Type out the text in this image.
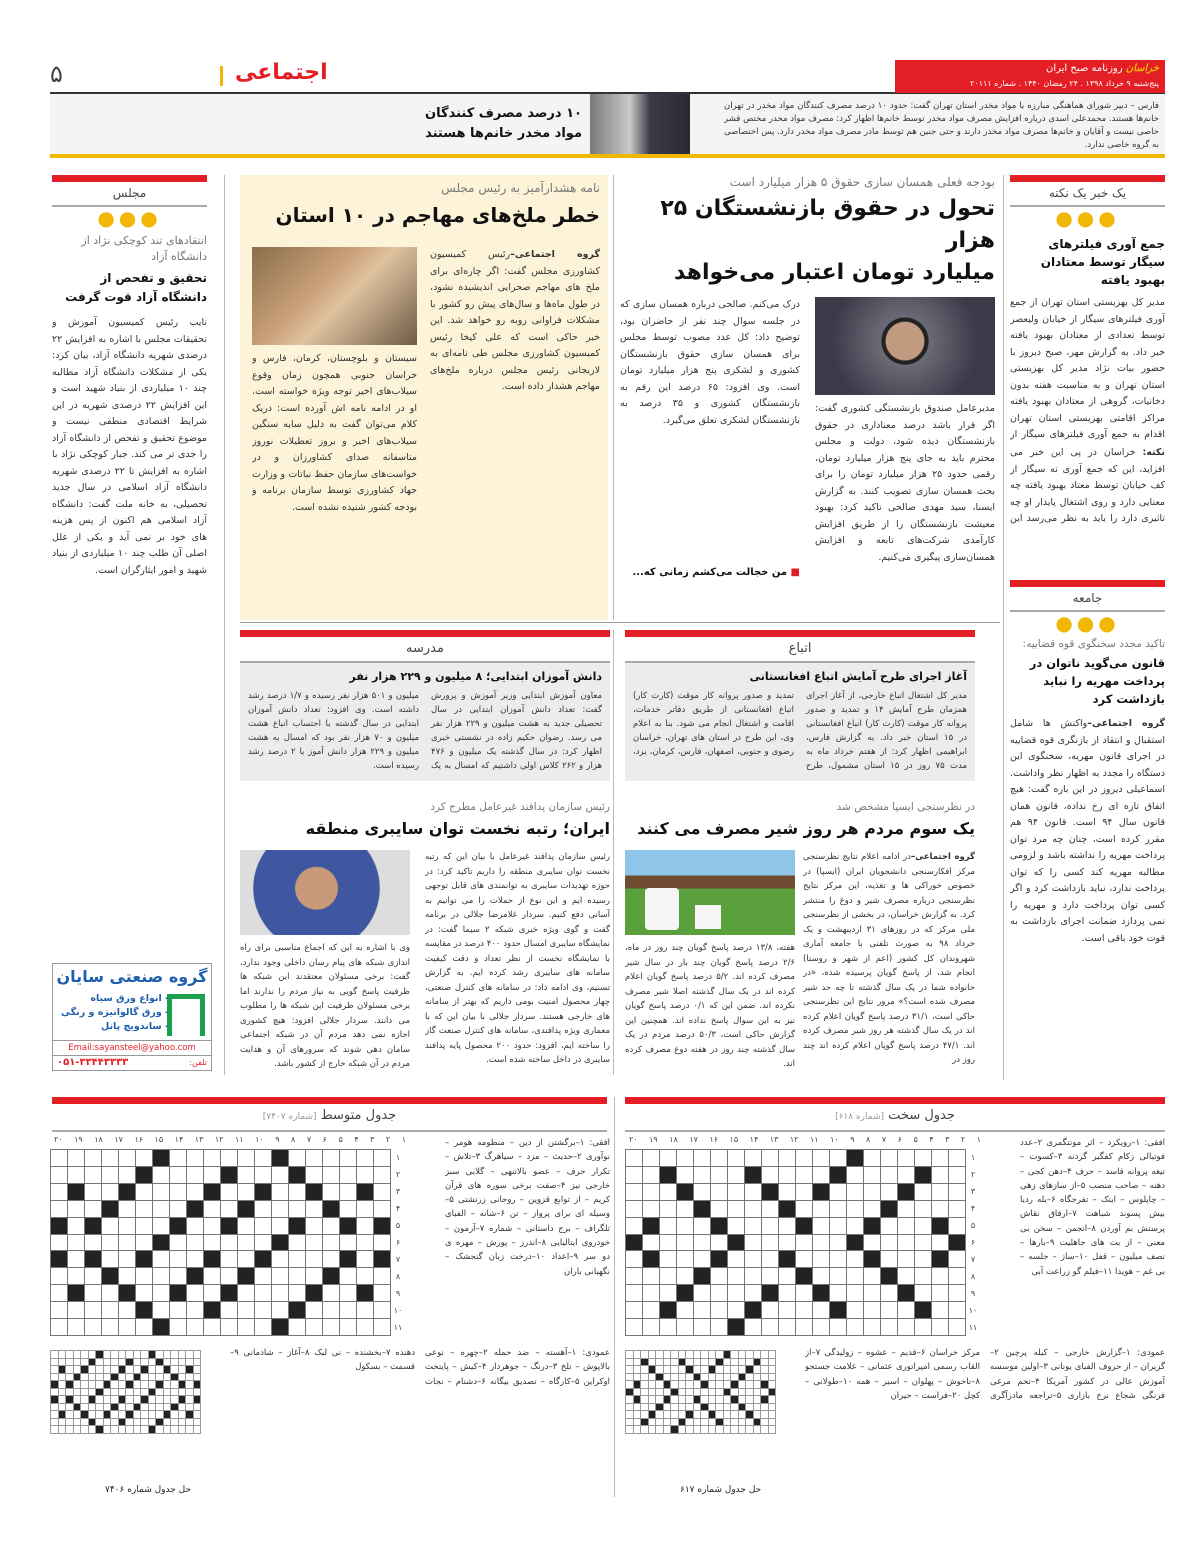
۵	اجتماعی	خراسان روزنامه صبح ایران
پنج‌شنبه ۹ خرداد ۱۳۹۸ . ۲۴ رمضان ۱۴۴۰ . شماره ۲۰۱۱۱
فارس – دبیر شورای هماهنگی مبارزه با مواد مخدر استان تهران گفت: حدود ۱۰ درصد مصرف کنندگان مواد مخدر در تهران خانم‌ها هستند. محمدعلی اسدی درباره افزایش مصرف مواد مخدر توسط خانم‌ها اظهار کرد: مصرف مواد مخدر مختص قشر خاصی نیست و آقایان و خانم‌ها مصرف مواد مخدر دارند و حتی جنین هم توسط مادر مصرف مواد مخدر دارد. پس اختصاصی به گروه خاصی ندارد.
۱۰ درصد مصرف کنندگان
مواد مخدر خانم‌ها هستند
یک خبر یک نکته
●●●
جمع آوری فیلترهای سیگار توسط معتادان بهبود یافته
مدیر کل بهزیستی استان تهران از جمع آوری فیلترهای سیگار از خیابان ولیعصر توسط تعدادی از معتادان بهبود یافته خبر داد. به گزارش مهر، صبح دیروز با حضور بیات نژاد مدیر کل بهزیستی استان تهران و به مناسبت هفته بدون دخانیات، گروهی از معتادان بهبود یافته مراکز اقامتی بهزیستی استان تهران اقدام به جمع آوری فیلترهای سیگار از
نکته: خراسان در پی این خبر می افزاید، این که جمع آوری ته سیگار از کف خیابان توسط معتاد بهبود یافته چه معنایی دارد و روی اشتغال پایدار او چه تاثیری دارد را باید به نظر می‌رسد این
جامعه
●●●
تاکید مجدد سخنگوی قوه قضاییه:
قانون می‌گوید ناتوان در پرداخت مهریه را نباید بازداشت کرد
گروه اجتماعی–واکنش ها شامل استقبال و انتقاد از بازنگری قوه قضاییه در اجرای قانون مهریه، سخنگوی این دستگاه را مجدد به اظهار نظر واداشت. اسماعیلی دیروز در این باره گفت: هیچ اتفاق تازه ای رخ نداده، قانون همان قانون سال ۹۴ است. قانون ۹۴ هم مقرر کرده است، چنان چه مرد توان پرداخت مهریه را نداشته باشد و لزومی مطالبه مهریه کند کسی را که توان پرداخت ندارد، نباید بازداشت کرد و اگر کسی توان پرداخت دارد و مهریه را نمی پردازد ضمانت اجرای بازداشت به قوت خود باقی است.
بودجه فعلی همسان سازی حقوق ۵ هزار میلیارد است
تحول در حقوق بازنشستگان ۲۵ هزار
میلیارد تومان اعتبار می‌خواهد
مدیرعامل صندوق بازنشستگی کشوری گفت: اگر قرار باشد درصد معناداری در حقوق بازنشستگان دیده شود، دولت و مجلس محترم باید به جای پنج هزار میلیارد تومان، رقمی حدود ۲۵ هزار میلیارد تومان را برای بحث همسان سازی تصویب کنند. به گزارش ایسنا، سید مهدی صالحی تاکید کرد: بهبود معیشت بازنشستگان را از طریق افزایش کارآمدی شرکت‌های تابعه و افزایش همسان‌سازی پیگیری می‌کنیم.
درک می‌کنم. صالحی درباره همسان سازی که در جلسه سوال چند نفر از حاضران بود، توضیح داد: کل عدد مصوب توسط مجلس برای همسان سازی حقوق بازنشستگان کشوری و لشکری پنج هزار میلیارد تومان است. وی افزود: ۶۵ درصد این رقم به بازنشستگان کشوری و ۳۵ درصد به بازنشستگان لشکری تعلق می‌گیرد.
■ من خجالت می‌کشم زمانی که...
نامه هشدارآمیز به رئیس مجلس
خطر ملخ‌های مهاجم در ۱۰ استان
گروه اجتماعی–رئیس کمیسیون کشاورزی مجلس گفت: اگر چاره‌ای برای ملخ های مهاجم صحرایی اندیشیده نشود، در طول ماه‌ها و سال‌های پیش رو کشور با مشکلات فراوانی روبه رو خواهد شد. این خبر حاکی است که علی کیخا رئیس کمیسیون کشاورزی مجلس طی نامه‌ای به لاریجانی رئیس مجلس درباره ملخ‌های مهاجم هشدار داده است.
سیستان و بلوچستان، کرمان، فارس و خراسان جنوبی همچون زمان وقوع سیلاب‌های اخیر توجه ویژه خواسته است. او در ادامه نامه اش آورده است: دریک کلام می‌توان گفت به دلیل سایه سنگین سیلاب‌های اخیر و بروز تعطیلات نوروز متاسفانه صدای کشاورزان و در خواست‌های سازمان حفظ نباتات و وزارت جهاد کشاورزی توسط سازمان برنامه و بودجه کشور شنیده نشده است.
مجلس
●●●
انتقادهای تند کوچکی نژاد از دانشگاه آزاد
تحقیق و تفحص از دانشگاه آزاد قوت گرفت
نایب رئیس کمیسیون آموزش و تحقیقات مجلس با اشاره به افزایش ۲۲ درصدی شهریه دانشگاه آزاد، بیان کرد: یکی از مشکلات دانشگاه آزاد مطالبه چند ۱۰ میلیاردی از بنیاد شهید است و این افزایش ۲۲ درصدی شهریه در این شرایط اقتصادی منطقی نیست و موضوع تحقیق و تفحص از دانشگاه آزاد را جدی تر می کند. جبار کوچکی نژاد با اشاره به افزایش تا ۲۲ درصدی شهریه دانشگاه آزاد اسلامی در سال جدید تحصیلی، به خانه ملت گفت: دانشگاه آزاد اسلامی هم اکنون از پس هزینه های خود بر نمی آید و یکی از علل اصلی آن طلب چند ۱۰ میلیاردی از بنیاد شهید و امور ایثارگران است.
گروه صنعتی سایان
- انواع ورق سیاه
- ورق گالوانیزه و رنگی
- ساندویچ پانل
Email:sayansteel@yahoo.com
تلفن:
۰۵۱-۳۳۴۴۳۳۳۳
اتباع
آغاز اجرای طرح آمایش اتباع افغانستانی
مدیر کل اشتغال اتباع خارجی، از آغاز اجرای همزمان طرح آمایش ۱۴ و تمدید و صدور پروانه کار موقت (کارت کار) اتباع افغانستانی در ۱۵ استان خبر داد. به گزارش فارس، ابراهیمی اظهار کرد: از هفتم خرداد ماه به مدت ۷۵ روز در ۱۵ استان مشمول، طرح تمدید و صدور پروانه کار موقت (کارت کار) اتباع افغانستانی از طریق دفاتر خدمات، اقامت و اشتغال انجام می شود. بنا به اعلام وی، این طرح در استان های تهران، خراسان رضوی و جنوبی، اصفهان، فارس، کرمان، یزد،
مدرسه
دانش آموزان ابتدایی؛ ۸ میلیون و ۲۲۹ هزار نفر
معاون آموزش ابتدایی وزیر آموزش و پرورش گفت: تعداد دانش آموزان ابتدایی در سال تحصیلی جدید به هشت میلیون و ۲۲۹ هزار نفر می رسد. رضوان حکیم زاده در نشستی خبری اظهار کرد: در سال گذشته یک میلیون و ۴۷۶ هزار و ۲۶۲ کلاس اولی داشتیم که امسال به یک میلیون و ۵۰۱ هزار نفر رسیده و ۱/۷ درصد رشد داشته است. وی افزود: تعداد دانش آموزان ابتدایی در سال گذشته با احتساب اتباع هشت میلیون و ۷۰ هزار نفر بود که امسال به هشت میلیون و ۲۲۹ هزار دانش آموز با ۲ درصد رشد رسیده است.
در نظرسنجی ایسپا مشخص شد
یک سوم مردم هر روز شیر مصرف می کنند
گروه اجتماعی–در ادامه اعلام نتایج نظرسنجی مرکز افکارسنجی دانشجویان ایران (ایسپا) در خصوص خوراکی ها و تغذیه، این مرکز نتایج نظرسنجی درباره مصرف شیر و دوغ را منتشر کرد. به گزارش خراسان، در بخشی از نظرسنجی ملی مرکز که در روزهای ۳۱ اردیبهشت و یک خرداد ۹۸ به صورت تلفنی با جامعه آماری شهروندان کل کشور (اعم از شهر و روستا) انجام شد، از پاسخ گویان پرسیده شده، «در خانواده شما در یک سال گذشته تا چه حد شیر مصرف شده است؟» مرور نتایج این نظرسنجی حاکی است، ۳۱/۱ درصد پاسخ گویان اعلام کرده اند در یک سال گذشته هر روز شیر مصرف کرده اند. ۴۷/۱ درصد پاسخ گویان اعلام کرده اند چند روز در
هفته، ۱۳/۸ درصد پاسخ گویان چند روز در ماه، ۲/۶ درصد پاسخ گویان چند بار در سال شیر مصرف کرده اند. ۵/۲ درصد پاسخ گویان اعلام کرده اند در یک سال گذشته اصلا شیر مصرف نکرده اند. ضمن این که ۰/۱ درصد پاسخ گویان نیز به این سوال پاسخ نداده اند. همچنین این گزارش حاکی است، ۵۰/۳ درصد مردم در یک سال گذشته چند روز در هفته دوغ مصرف کرده اند.
رئیس سازمان پدافند غیرعامل مطرح کرد
ایران؛ رتبه نخست توان سایبری منطقه
رئیس سازمان پدافند غیرعامل با بیان این که رتبه نخست توان سایبری منطقه را داریم تاکید کرد: در حوزه تهدیدات سایبری به توانمندی های قابل توجهی رسیده ایم و این نوع از حملات را می توانیم به آسانی دفع کنیم. سردار غلامرضا جلالی در برنامه گفت و گوی ویژه خبری شبکه ۲ سیما گفت: در نمایشگاه سایبری امسال حدود ۴۰۰ درصد در مقایسه با نمایشگاه نخست از نظر تعداد و دقت کیفیت سامانه های سایبری رشد کرده ایم. به گزارش تسنیم، وی ادامه داد: در سامانه های کنترل صنعتی، چهار محصول امنیت بومی داریم که بهتر از سامانه های خارجی هستند. سردار جلالی با بیان این که با معماری ویژه پدافندی، سامانه های کنترل صنعت گاز را ساخته ایم، افزود: حدود ۲۰۰ محصول پایه پدافند سایبری در داخل ساخته شده است.
وی با اشاره به این که اجماع مناسبی برای راه اندازی شبکه های پیام رسان داخلی وجود ندارد، گفت: برخی مسئولان معتقدند این شبکه ها ظرفیت پاسخ گویی به نیاز مردم را ندارند اما برخی مسئولان ظرفیت این شبکه ها را مطلوب می دانند. سردار جلالی افزود: هیچ کشوری اجازه نمی دهد مردم آن در شبکه اجتماعی سامان دهی شوند که سرورهای آن و هدایت مردم در آن شبکه خارج از کشور باشد.
جدول سخت [شماره ۶۱۸]
جدول متوسط [شماره ۷۴۰۷]
۱
۲
۳
۴
۵
۶
۷
۸
۹
۱۰
۱۱
۱۲
۱۳
۱۴
۱۵
۱۶
۱۷
۱۸
۱۹
۲۰

۱
۲
۳
۴
۵
۶
۷
۸
۹
۱۰
۱۱
۱
۲
۳
۴
۵
۶
۷
۸
۹
۱۰
۱۱
۱۲
۱۳
۱۴
۱۵
۱۶
۱۷
۱۸
۱۹
۲۰

۱
۲
۳
۴
۵
۶
۷
۸
۹
۱۰
۱۱
افقی: ۱–رویکرد – اثر مونتگمری ۲–عدد فوتبالی زکام کفگیر گردنه ۳–کسوت – تیغه پروانه قاسد – حرف ۴–دهن کجی – دهنه – صاحب منصب ۵–از سازهای زهی – چاپلوس – اینک – تفرجگاه ۶–یله ردیا بیش پسوند شباهت ۷–ارفاق نقاش پرستش بم آوردن ۸–انجمن – سخن بی معنی – از بت های جاهلیت ۹–بارها – نصف میلیون – قفل ۱۰–ساز – جلسه – بی غم – هویدا ۱۱–فیلم گو زراعت آبی
عمودی: ۱–گزارش خارجی – کیله پرچین ۲–گزیران – از حروف الفبای یونانی ۳–اولین موسسه آموزش عالی در کشور آمریکا ۴–تخم مرغی فرنگی شجاع نرخ بازاری ۵–تراجعه مادرآگری مرکز خراسان ۶–قدیم – عشوه – زولیدگی ۷–از القاب رسمی امپراتوری عثمانی – علامت جستجو ۸–ناخوش – پهلوان – اسیر – همه ۱۰–طولانی – کچل ۲۰–فراست – حیران
افقی: ۱–برگشتن از دین – منظومه هومر – نوآوری ۲–حدیث – مزد – سیاهرگ ۳–تلاش – تکرار حرف – عضو بالاتنهی – گلابی سبز خارجی نیز ۴–صفت برخی سوره های قرآن کریم – از توابع قزوین – روحانی زرتشتی ۵–وسیله ای برای پرواز – تن ۶–شانه – الفبای تلگراف – برج داستانی – شماره ۷–آرمون – خودروی ایتالیایی ۸–اندرز – پورش – مهره ی دو سر ۹–اعداد ۱۰–درخت زبان گنجشک – نگهبانی باران
عمودی: ۱–آهسته – ضد حمله ۲–چهره – نوعی بالاپوش – تلخ ۳–درنگ – جوهردار ۴–کیش – پایتخت اوکراین ۵–کارگاه – تصدیق بیگانه ۶–دشنام – نجات دهنده ۷–بخشنده – نی لبک ۸–آغاز – شادمانی ۹–قسمت – بسکول

حل جدول شماره ۶۱۷
حل جدول شماره ۷۴۰۶
